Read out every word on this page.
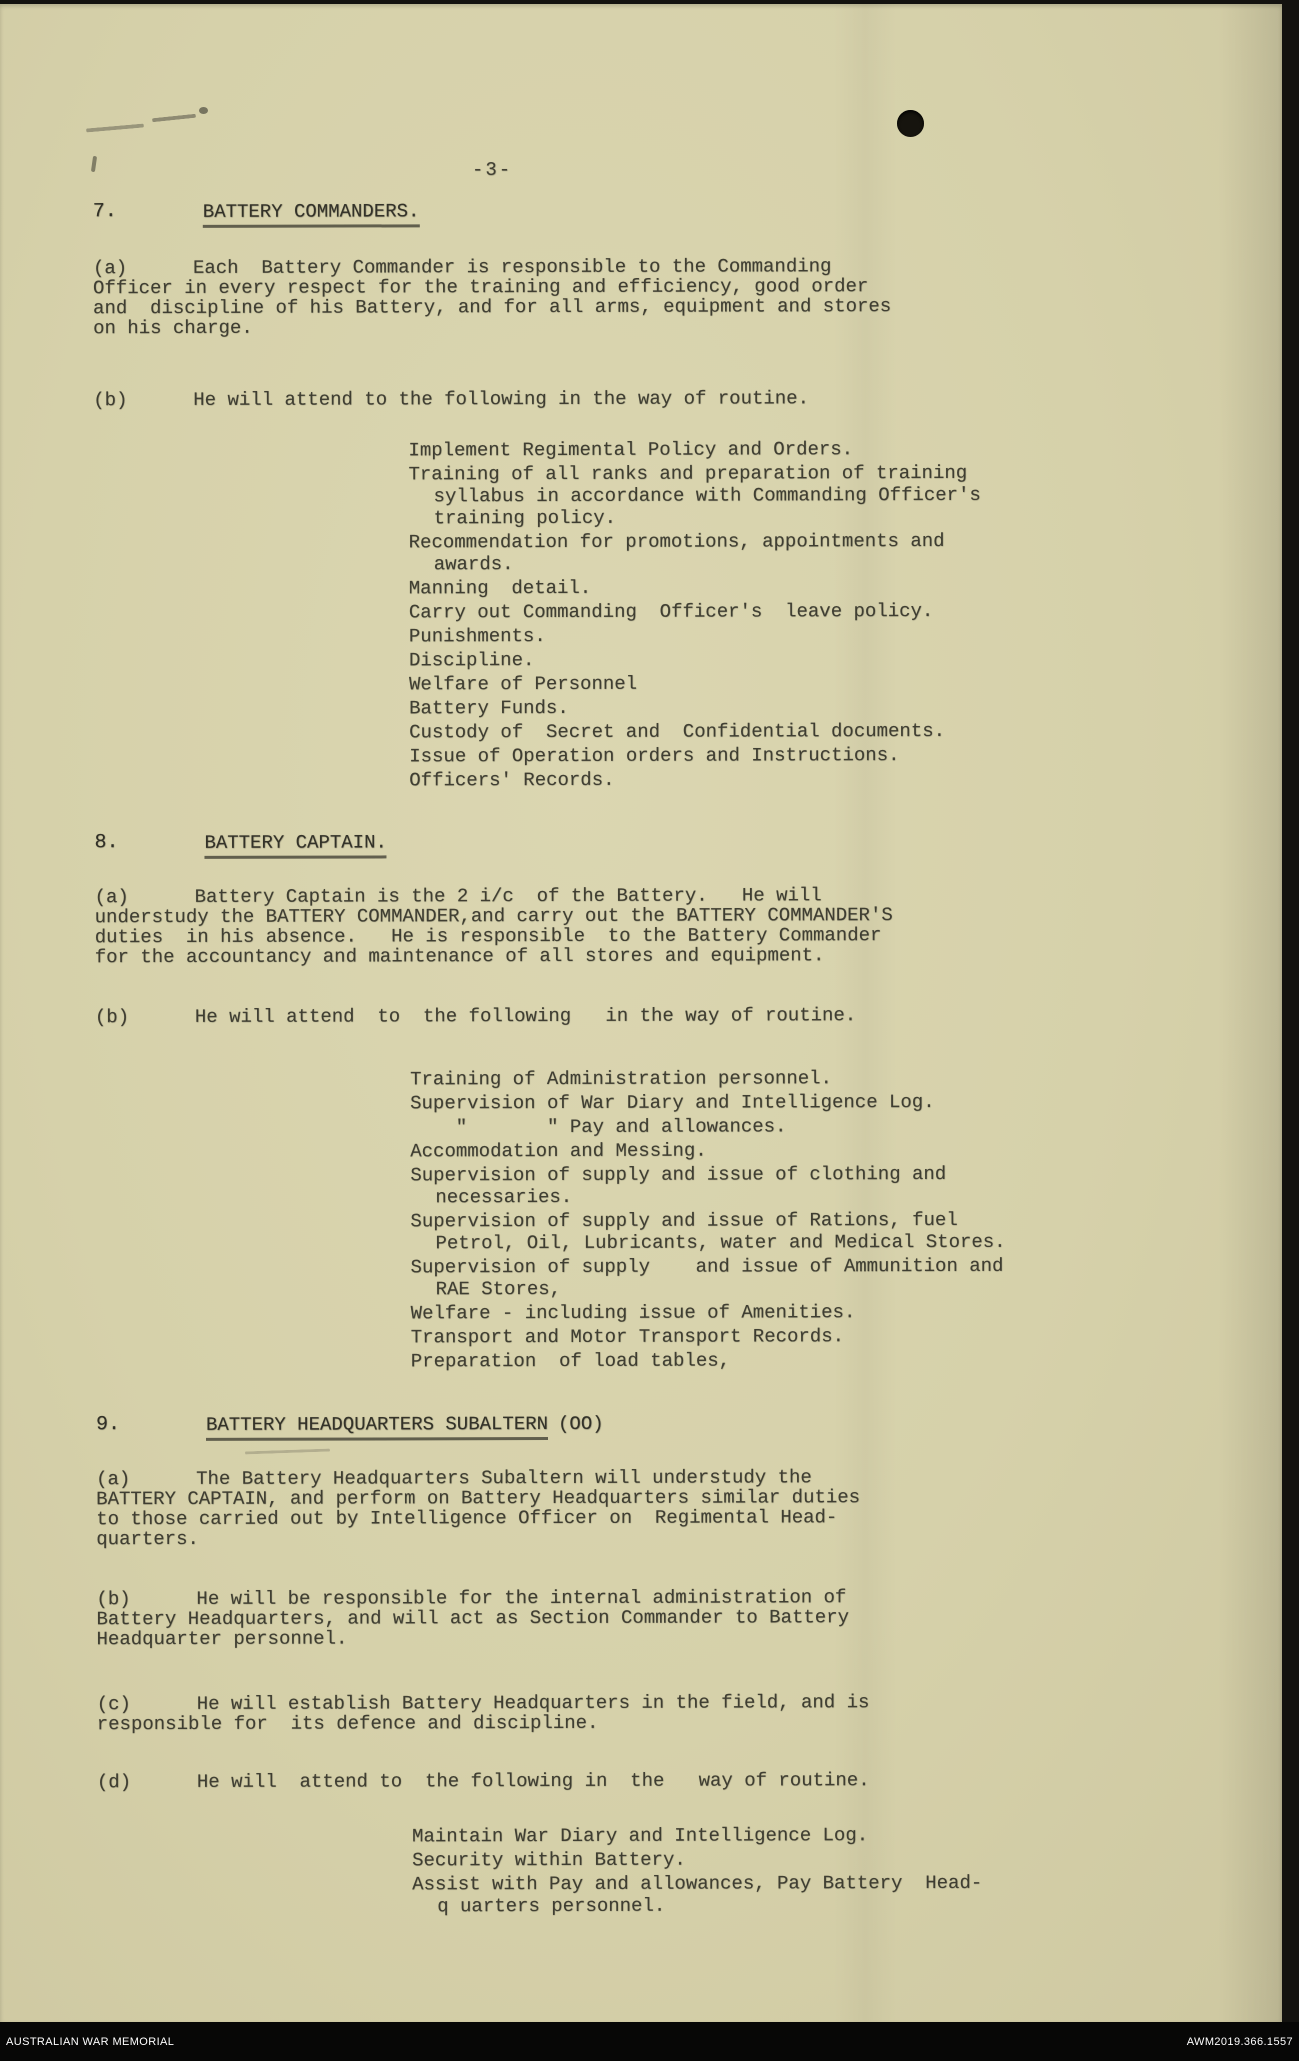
-3-
7.	BATTERY COMMANDERS.
(a)	Each  Battery Commander is responsible to the Commanding
Officer in every respect for the training and efficiency, good order
and  discipline of his Battery, and for all arms, equipment and stores
on his charge.
(b)	He will attend to the following in the way of routine.
Implement Regimental Policy and Orders.
Training of all ranks and preparation of training
syllabus in accordance with Commanding Officer's
training policy.
Recommendation for promotions, appointments and
awards.
Manning  detail.
Carry out Commanding  Officer's  leave policy.
Punishments.
Discipline.
Welfare of Personnel
Battery Funds.
Custody of  Secret and  Confidential documents.
Issue of Operation orders and Instructions.
Officers' Records.
8.	BATTERY CAPTAIN.
(a)	Battery Captain is the 2 i/c  of the Battery.   He will
understudy the BATTERY COMMANDER,and carry out the BATTERY COMMANDER'S
duties  in his absence.   He is responsible  to the Battery Commander
for the accountancy and maintenance of all stores and equipment.
(b)	He will attend  to  the following   in the way of routine.
Training of Administration personnel.
Supervision of War Diary and Intelligence Log.
"       " Pay and allowances.
Accommodation and Messing.
Supervision of supply and issue of clothing and
necessaries.
Supervision of supply and issue of Rations, fuel
Petrol, Oil, Lubricants, water and Medical Stores.
Supervision of supply    and issue of Ammunition and
RAE Stores,
Welfare - including issue of Amenities.
Transport and Motor Transport Records.
Preparation  of load tables,
9.	BATTERY HEADQUARTERS SUBALTERN (OO)
(a)	The Battery Headquarters Subaltern will understudy the
BATTERY CAPTAIN, and perform on Battery Headquarters similar duties
to those carried out by Intelligence Officer on  Regimental Head-
quarters.
(b)	He will be responsible for the internal administration of
Battery Headquarters, and will act as Section Commander to Battery
Headquarter personnel.
(c)	He will establish Battery Headquarters in the field, and is
responsible for  its defence and discipline.
(d)	He will  attend to  the following in  the   way of routine.
Maintain War Diary and Intelligence Log.
Security within Battery.
Assist with Pay and allowances, Pay Battery  Head-
q uarters personnel.
AUSTRALIAN WAR MEMORIAL	AWM2019.366.1557
